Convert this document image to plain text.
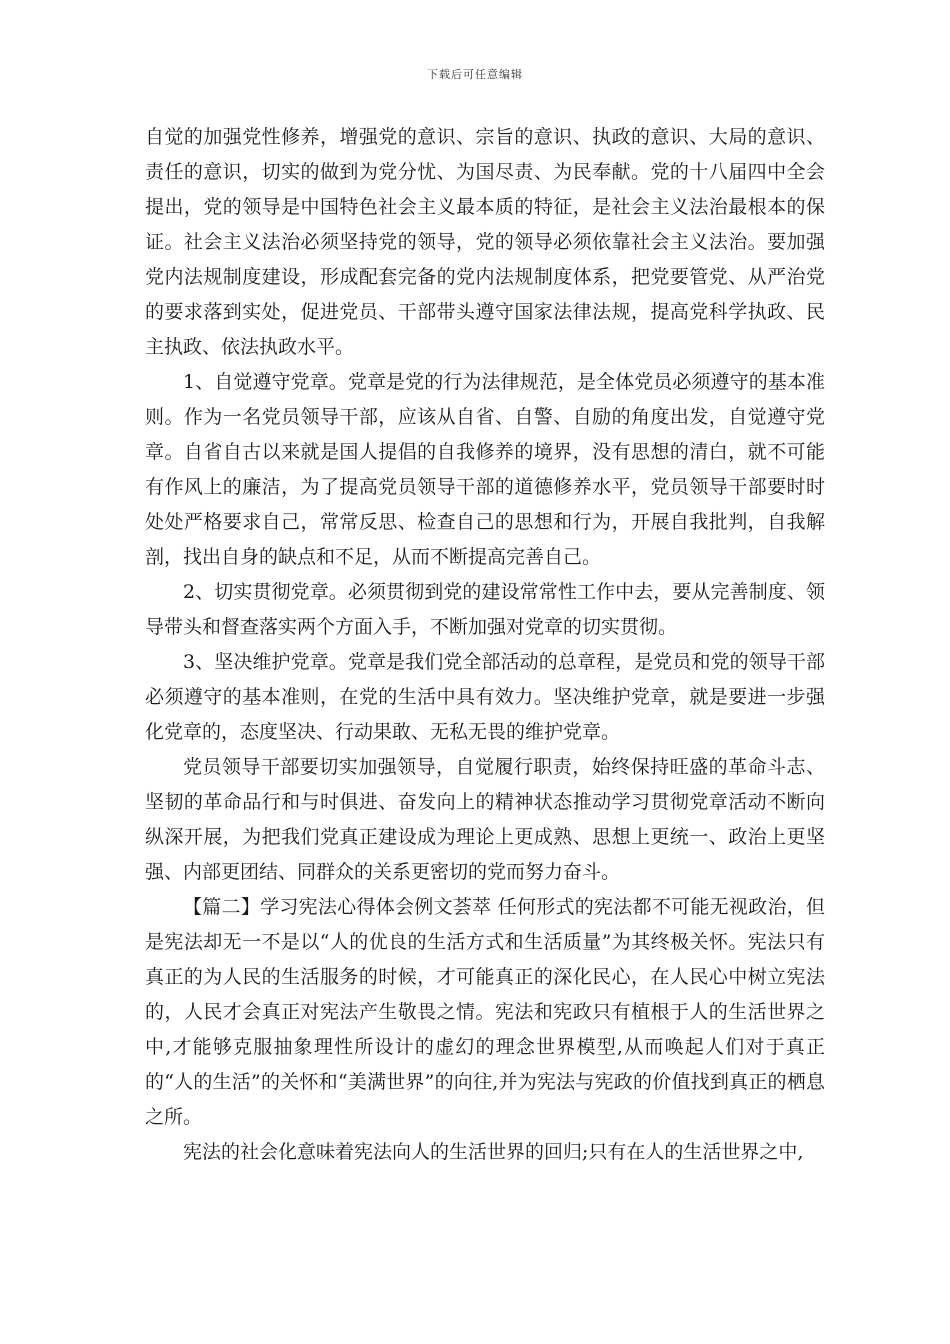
下载后可任意编辑

自觉的加强党性修养，增强党的意识、宗旨的意识、执政的意识、大局的意识、责任的意识，切实的做到为党分忧、为国尽责、为民奉献。党的十八届四中全会提出，党的领导是中国特色社会主义最本质的特征，是社会主义法治最根本的保证。社会主义法治必须坚持党的领导，党的领导必须依靠社会主义法治。要加强党内法规制度建设，形成配套完备的党内法规制度体系，把党要管党、从严治党的要求落到实处，促进党员、干部带头遵守国家法律法规，提高党科学执政、民主执政、依法执政水平。

1、自觉遵守党章。党章是党的行为法律规范，是全体党员必须遵守的基本准则。作为一名党员领导干部，应该从自省、自警、自励的角度出发，自觉遵守党章。自省自古以来就是国人提倡的自我修养的境界，没有思想的清白，就不可能有作风上的廉洁，为了提高党员领导干部的道德修养水平，党员领导干部要时时处处严格要求自己，常常反思、检查自己的思想和行为，开展自我批判，自我解剖，找出自身的缺点和不足，从而不断提高完善自己。

2、切实贯彻党章。必须贯彻到党的建设常常性工作中去，要从完善制度、领导带头和督查落实两个方面入手，不断加强对党章的切实贯彻。

3、坚决维护党章。党章是我们党全部活动的总章程，是党员和党的领导干部必须遵守的基本准则，在党的生活中具有效力。坚决维护党章，就是要进一步强化党章的，态度坚决、行动果敢、无私无畏的维护党章。

党员领导干部要切实加强领导，自觉履行职责，始终保持旺盛的革命斗志、坚韧的革命品行和与时俱进、奋发向上的精神状态推动学习贯彻党章活动不断向纵深开展，为把我们党真正建设成为理论上更成熟、思想上更统一、政治上更坚强、内部更团结、同群众的关系更密切的党而努力奋斗。

【篇二】学习宪法心得体会例文荟萃 任何形式的宪法都不可能无视政治，但是宪法却无一不是以“人的优良的生活方式和生活质量”为其终极关怀。宪法只有真正的为人民的生活服务的时候，才可能真正的深化民心，在人民心中树立宪法的，人民才会真正对宪法产生敬畏之情。宪法和宪政只有植根于人的生活世界之中,才能够克服抽象理性所设计的虚幻的理念世界模型,从而唤起人们对于真正的“人的生活”的关怀和“美满世界”的向往,并为宪法与宪政的价值找到真正的栖息之所。

宪法的社会化意味着宪法向人的生活世界的回归;只有在人的生活世界之中,
